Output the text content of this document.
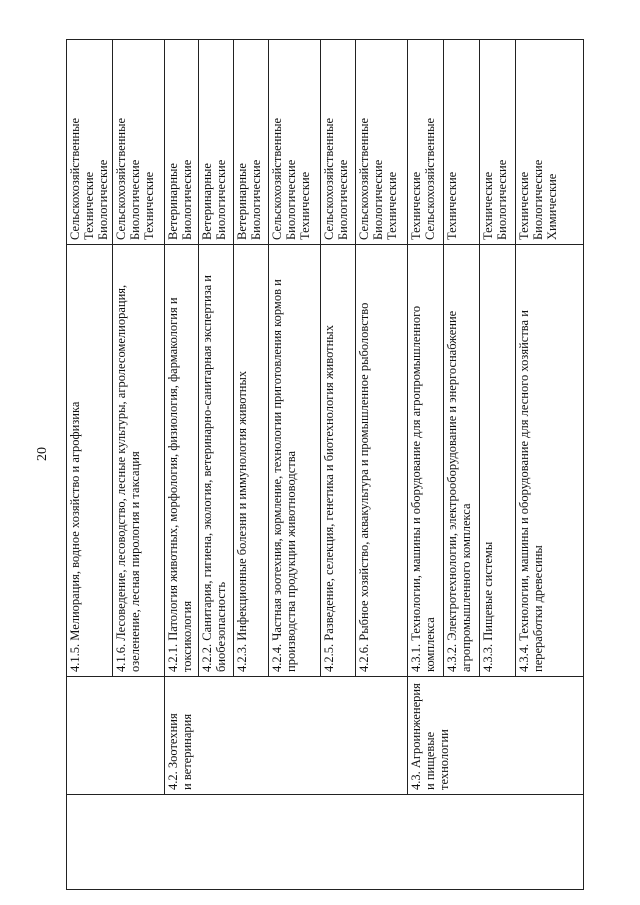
20
		4.1.5. Мелиорация, водное хозяйство и агрофизика	Сельскохозяйственные
Технические
Биологические
		4.1.6. Лесоведение, лесоводство, лесные культуры, агролесомелиорация, озеленение, лесная пирология и таксация	Сельскохозяйственные
Биологические
Технические
	4.2. Зоотехния
и ветеринария	4.2.1. Патология животных, морфология, физиология, фармакология и токсикология	Ветеринарные
Биологические
		4.2.2. Санитария, гигиена, экология, ветеринарно-санитарная экспертиза и биобезопасность	Ветеринарные
Биологические
		4.2.3. Инфекционные болезни и иммунология животных	Ветеринарные
Биологические
		4.2.4. Частная зоотехния, кормление, технологии приготовления кормов и производства продукции животноводства	Сельскохозяйственные
Биологические
Технические
		4.2.5. Разведение, селекция, генетика и биотехнология животных	Сельскохозяйственные
Биологические
		4.2.6. Рыбное хозяйство, аквакультура и промышленное рыболовство	Сельскохозяйственные
Биологические
Технические
	4.3. Агроинженерия
и пищевые технологии	4.3.1. Технологии, машины и оборудование для агропромышленного комплекса	Технические
Сельскохозяйственные
		4.3.2. Электротехнологии, электрооборудование и энергоснабжение агропромышленного комплекса	Технические
		4.3.3. Пищевые системы	Технические
Биологические
		4.3.4. Технологии, машины и оборудование для лесного хозяйства и переработки древесины	Технические
Биологические
Химические
